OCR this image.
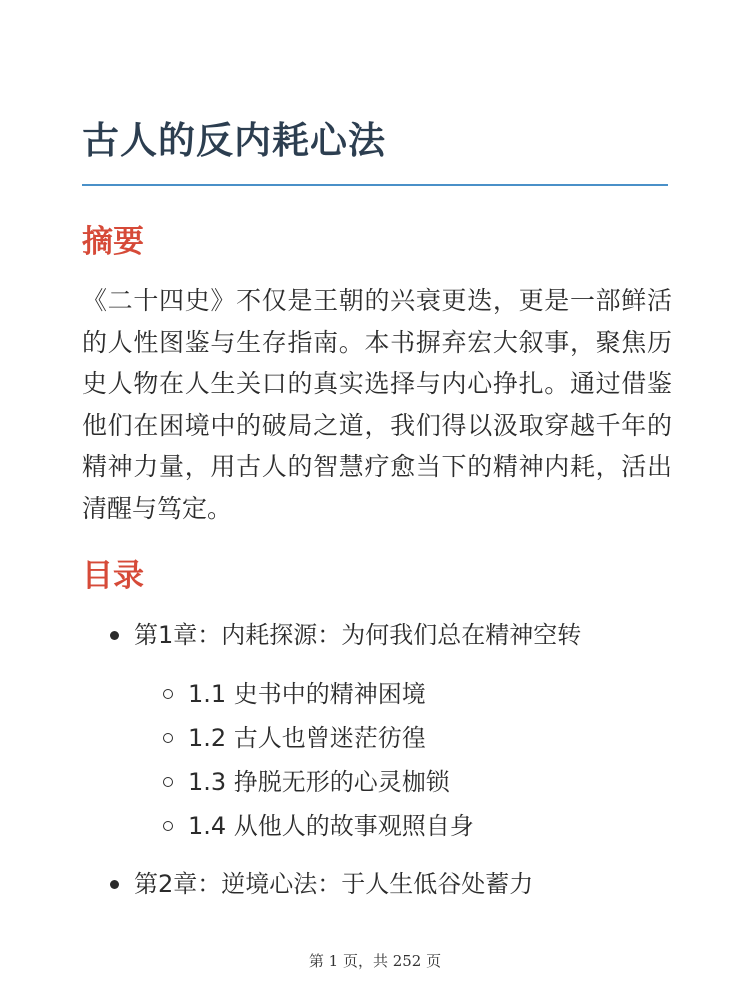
古人的反内耗心法
摘要

《二十四史》不仅是王朝的兴衰更迭，更是一部鲜活的人性图鉴与生存指南。本书摒弃宏大叙事，聚焦历史人物在人生关口的真实选择与内心挣扎。通过借鉴他们在困境中的破局之道，我们得以汲取穿越千年的精神力量，用古人的智慧疗愈当下的精神内耗，活出清醒与笃定。

目录
第1章：内耗探源：为何我们总在精神空转
1.1 史书中的精神困境
1.2 古人也曾迷茫彷徨
1.3 挣脱无形的心灵枷锁
1.4 从他人的故事观照自身
第2章：逆境心法：于人生低谷处蓄力
第 1 页，共 252 页
